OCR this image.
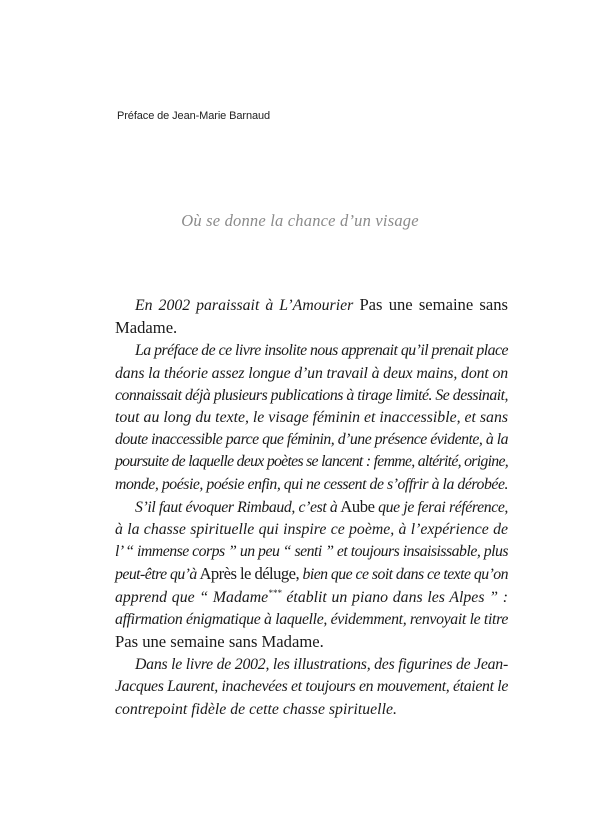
Préface de Jean-Marie Barnaud
Où se donne la chance d’un visage
En 2002 paraissait à L’Amourier Pas une semaine sans
Madame.
La préface de ce livre insolite nous apprenait qu’il prenait place
dans la théorie assez longue d’un travail à deux mains, dont on
connaissait déjà plusieurs publications à tirage limité. Se dessinait,
tout au long du texte, le visage féminin et inaccessible, et sans
doute inaccessible parce que féminin, d’une présence évidente, à la
poursuite de laquelle deux poètes se lancent : femme, altérité, origine,
monde, poésie, poésie enfin, qui ne cessent de s’offrir à la dérobée.
S’il faut évoquer Rimbaud, c’est à Aube que je ferai référence,
à la chasse spirituelle qui inspire ce poème, à l’expérience de
l’ “ immense corps ” un peu “ senti ” et toujours insaisissable, plus
peut-être qu’à Après le déluge, bien que ce soit dans ce texte qu’on
apprend que “ Madame*** établit un piano dans les Alpes ” :
affirmation énigmatique à laquelle, évidemment, renvoyait le titre
Pas une semaine sans Madame.
Dans le livre de 2002, les illustrations, des figurines de Jean-
Jacques Laurent, inachevées et toujours en mouvement, étaient le
contrepoint fidèle de cette chasse spirituelle.
